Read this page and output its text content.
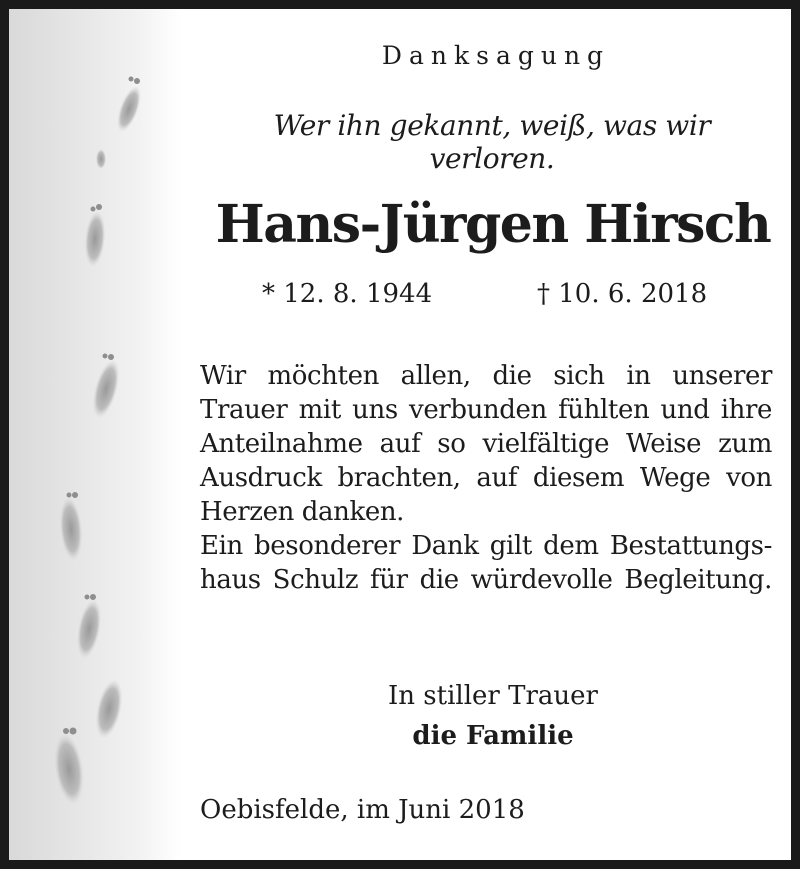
Danksagung
Wer ihn gekannt, weiß, was wir verloren.
Hans-Jürgen Hirsch
* 12. 8. 1944	† 10. 6. 2018
Wir möchten allen, die sich in unserer
Trauer mit uns verbunden fühlten und ihre
Anteilnahme auf so vielfältige Weise zum
Ausdruck brachten, auf diesem Wege von
Herzen danken.
Ein besonderer Dank gilt dem Bestattungs-
haus Schulz für die würdevolle Begleitung.
In stiller Trauer
die Familie
Oebisfelde, im Juni 2018
